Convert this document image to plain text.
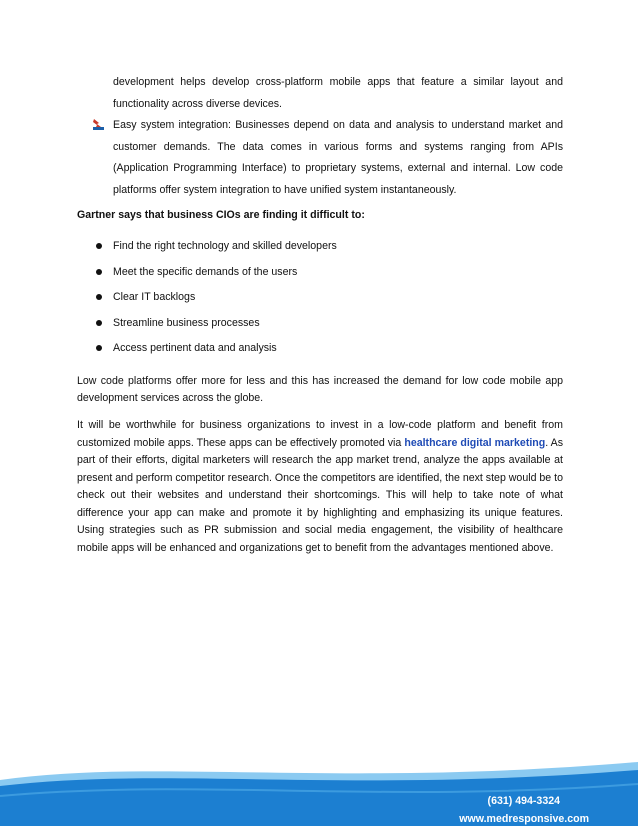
development helps develop cross-platform mobile apps that feature a similar layout and functionality across diverse devices.
Easy system integration: Businesses depend on data and analysis to understand market and customer demands. The data comes in various forms and systems ranging from APIs (Application Programming Interface) to proprietary systems, external and internal. Low code platforms offer system integration to have unified system instantaneously.
Gartner says that business CIOs are finding it difficult to:
Find the right technology and skilled developers
Meet the specific demands of the users
Clear IT backlogs
Streamline business processes
Access pertinent data and analysis

Low code platforms offer more for less and this has increased the demand for low code mobile app development services across the globe.

It will be worthwhile for business organizations to invest in a low-code platform and benefit from customized mobile apps. These apps can be effectively promoted via healthcare digital marketing. As part of their efforts, digital marketers will research the app market trend, analyze the apps available at present and perform competitor research. Once the competitors are identified, the next step would be to check out their websites and understand their shortcomings. This will help to take note of what difference your app can make and promote it by highlighting and emphasizing its unique features. Using strategies such as PR submission and social media engagement, the visibility of healthcare mobile apps will be enhanced and organizations get to benefit from the advantages mentioned above.

(631) 494-3324
www.medresponsive.com
